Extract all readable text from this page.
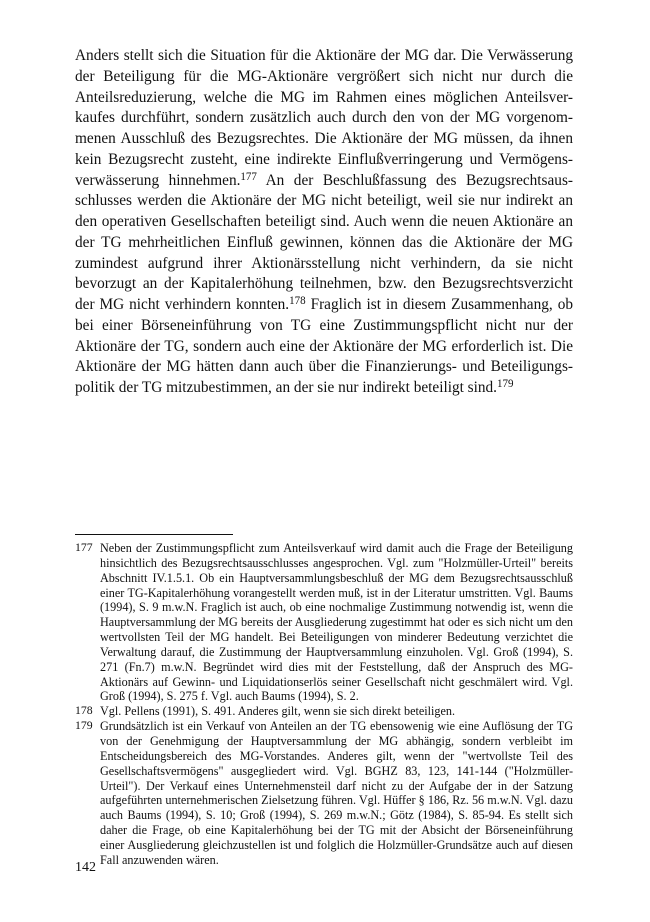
Anders stellt sich die Situation für die Aktionäre der MG dar. Die Verwässerung der Beteiligung für die MG-Aktionäre vergrößert sich nicht nur durch die Anteilsreduzierung, welche die MG im Rahmen eines möglichen Anteilsver-kaufes durchführt, sondern zusätzlich auch durch den von der MG vorgenom-menen Ausschluß des Bezugsrechtes. Die Aktionäre der MG müssen, da ihnen kein Bezugsrecht zusteht, eine indirekte Einflußverringerung und Vermögens-verwässerung hinnehmen.$^{177}$ An der Beschlußfassung des Bezugsrechtsaus-schlusses werden die Aktionäre der MG nicht beteiligt, weil sie nur indirekt an den operativen Gesellschaften beteiligt sind. Auch wenn die neuen Aktionäre an der TG mehrheitlichen Einfluß gewinnen, können das die Aktionäre der MG zumindest aufgrund ihrer Aktionärsstellung nicht verhindern, da sie nicht bevorzugt an der Kapitalerhöhung teilnehmen, bzw. den Bezugsrechtsverzicht der MG nicht verhindern konnten.$^{178}$ Fraglich ist in diesem Zusammenhang, ob bei einer Börseneinführung von TG eine Zustimmungspflicht nicht nur der Aktionäre der TG, sondern auch eine der Aktionäre der MG erforderlich ist. Die Aktionäre der MG hätten dann auch über die Finanzierungs- und Beteiligungs-politik der TG mitzubestimmen, an der sie nur indirekt beteiligt sind.$^{179}$

177 Neben der Zustimmungspflicht zum Anteilsverkauf wird damit auch die Frage der Beteiligung hinsichtlich des Bezugsrechtsausschlusses angesprochen. Vgl. zum "Holzmüller-Urteil" bereits Abschnitt IV.1.5.1. Ob ein Hauptversammlungsbeschluß der MG dem Bezugsrechtsausschluß einer TG-Kapitalerhöhung vorangestellt werden muß, ist in der Literatur umstritten. Vgl. Baums (1994), S. 9 m.w.N. Fraglich ist auch, ob eine nochmalige Zustimmung notwendig ist, wenn die Hauptversammlung der MG bereits der Ausgliederung zugestimmt hat oder es sich nicht um den wertvollsten Teil der MG handelt. Bei Beteiligungen von minderer Bedeutung verzichtet die Verwaltung darauf, die Zustimmung der Hauptversammlung einzuholen. Vgl. Groß (1994), S. 271 (Fn.7) m.w.N. Begründet wird dies mit der Feststellung, daß der Anspruch des MG-Aktionärs auf Gewinn- und Liquidationserlös seiner Gesellschaft nicht geschmälert wird. Vgl. Groß (1994), S. 275 f. Vgl. auch Baums (1994), S. 2.

178 Vgl. Pellens (1991), S. 491. Anderes gilt, wenn sie sich direkt beteiligen.

179 Grundsätzlich ist ein Verkauf von Anteilen an der TG ebensowenig wie eine Auflösung der TG von der Genehmigung der Hauptversammlung der MG abhängig, sondern verbleibt im Entscheidungsbereich des MG-Vorstandes. Anderes gilt, wenn der "wertvollste Teil des Gesellschaftsvermögens" ausgegliedert wird. Vgl. BGHZ 83, 123, 141-144 ("Holzmüller-Urteil"). Der Verkauf eines Unternehmensteil darf nicht zu der Aufgabe der in der Satzung aufgeführten unternehmerischen Zielsetzung führen. Vgl. Hüffer § 186, Rz. 56 m.w.N. Vgl. dazu auch Baums (1994), S. 10; Groß (1994), S. 269 m.w.N.; Götz (1984), S. 85-94. Es stellt sich daher die Frage, ob eine Kapitalerhöhung bei der TG mit der Absicht der Börseneinführung einer Ausgliederung gleichzustellen ist und folglich die Holzmüller-Grundsätze auch auf diesen Fall anzuwenden wären.

142
